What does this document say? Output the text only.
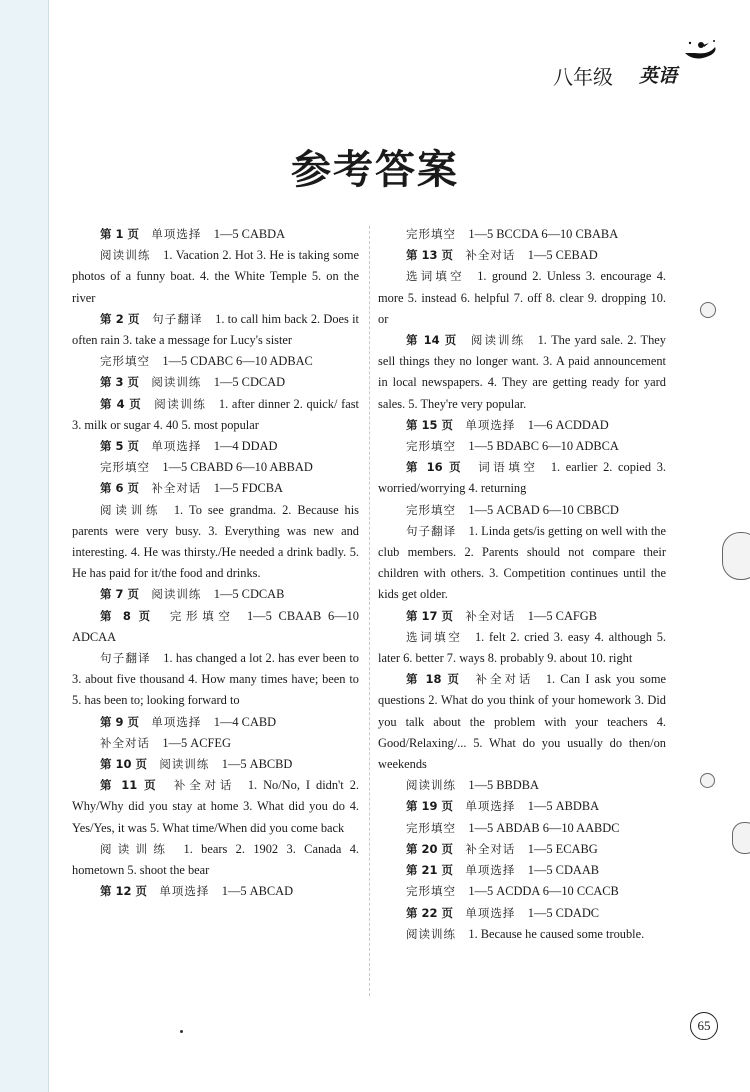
八年级 英语
参考答案

第 1 页  单项选择  1—5 CABDA

阅读训练  1. Vacation 2. Hot 3. He is taking some photos of a funny boat. 4. the White Temple 5. on the river

第 2 页  句子翻译  1. to call him back 2. Does it often rain 3. take a message for Lucy's sister

完形填空  1—5 CDABC 6—10 ADBAC

第 3 页  阅读训练  1—5 CDCAD

第 4 页  阅读训练  1. after dinner 2. quick/ fast 3. milk or sugar 4. 40 5. most popular

第 5 页  单项选择  1—4 DDAD

完形填空  1—5 CBABD 6—10 ABBAD

第 6 页  补全对话  1—5 FDCBA

阅读训练  1. To see grandma. 2. Because his parents were very busy. 3. Everything was new and interesting. 4. He was thirsty./He needed a drink badly. 5. He has paid for it/the food and drinks.

第 7 页  阅读训练  1—5 CDCAB

第 8 页  完形填空  1—5 CBAAB 6—10 ADCAA

句子翻译  1. has changed a lot 2. has ever been to 3. about five thousand 4. How many times have; been to 5. has been to; looking forward to

第 9 页  单项选择  1—4 CABD

补全对话  1—5 ACFEG

第 10 页  阅读训练  1—5 ABCBD

第 11 页  补全对话  1. No/No, I didn't 2. Why/Why did you stay at home 3. What did you do 4. Yes/Yes, it was 5. What time/When did you come back

阅读训练  1. bears 2. 1902 3. Canada 4. hometown 5. shoot the bear

第 12 页  单项选择  1—5 ABCAD

完形填空  1—5 BCCDA 6—10 CBABA

第 13 页  补全对话  1—5 CEBAD

选词填空  1. ground 2. Unless 3. encourage 4. more 5. instead 6. helpful 7. off 8. clear 9. dropping 10. or

第 14 页  阅读训练  1. The yard sale. 2. They sell things they no longer want. 3. A paid announcement in local newspapers. 4. They are getting ready for yard sales. 5. They're very popular.

第 15 页  单项选择  1—6 ACDDAD

完形填空  1—5 BDABC 6—10 ADBCA

第 16 页  词语填空  1. earlier 2. copied 3. worried/worrying 4. returning

完形填空  1—5 ACBAD 6—10 CBBCD

句子翻译  1. Linda gets/is getting on well with the club members. 2. Parents should not compare their children with others. 3. Competition continues until the kids get older.

第 17 页  补全对话  1—5 CAFGB

选词填空  1. felt 2. cried 3. easy 4. although 5. later 6. better 7. ways 8. probably 9. about 10. right

第 18 页  补全对话  1. Can I ask you some questions 2. What do you think of your homework 3. Did you talk about the problem with your teachers 4. Good/Relaxing/... 5. What do you usually do then/on weekends

阅读训练  1—5 BBDBA

第 19 页  单项选择  1—5 ABDBA

完形填空  1—5 ABDAB 6—10 AABDC

第 20 页  补全对话  1—5 ECABG

第 21 页  单项选择  1—5 CDAAB

完形填空  1—5 ACDDA 6—10 CCACB

第 22 页  单项选择  1—5 CDADC

阅读训练  1. Because he caused some trouble.

65
